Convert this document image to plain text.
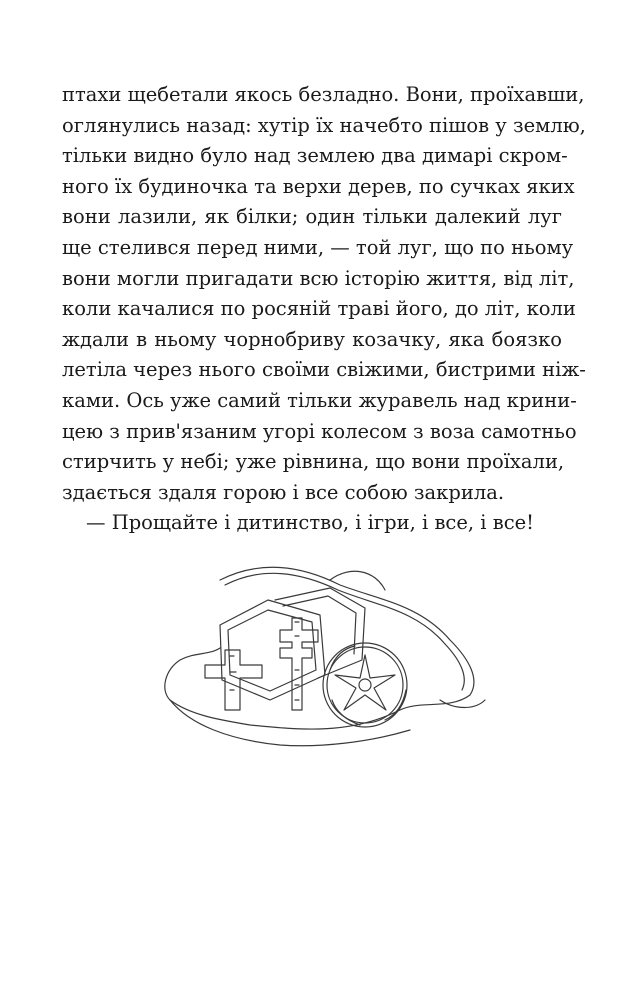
птахи щебетали якось безладно. Вони, проїхавши,
оглянулись назад: хутір їх начебто пішов у землю,
тільки видно було над землею два димарі скром-
ного їх будиночка та верхи дерев, по сучках яких
вони лазили, як білки; один тільки далекий луг
ще стелився перед ними, — той луг, що по ньому
вони могли пригадати всю історію життя, від літ,
коли качалися по росяній траві його, до літ, коли
ждали в ньому чорнобриву козачку, яка боязко
летіла через нього своїми свіжими, бистрими ніж-
ками. Ось уже самий тільки журавель над крини-
цею з прив'язаним угорі колесом з воза самотньо
стирчить у небі; уже рівнина, що вони проїхали,
здається здаля горою і все собою закрила.
— Прощайте і дитинство, і ігри, і все, і все!
